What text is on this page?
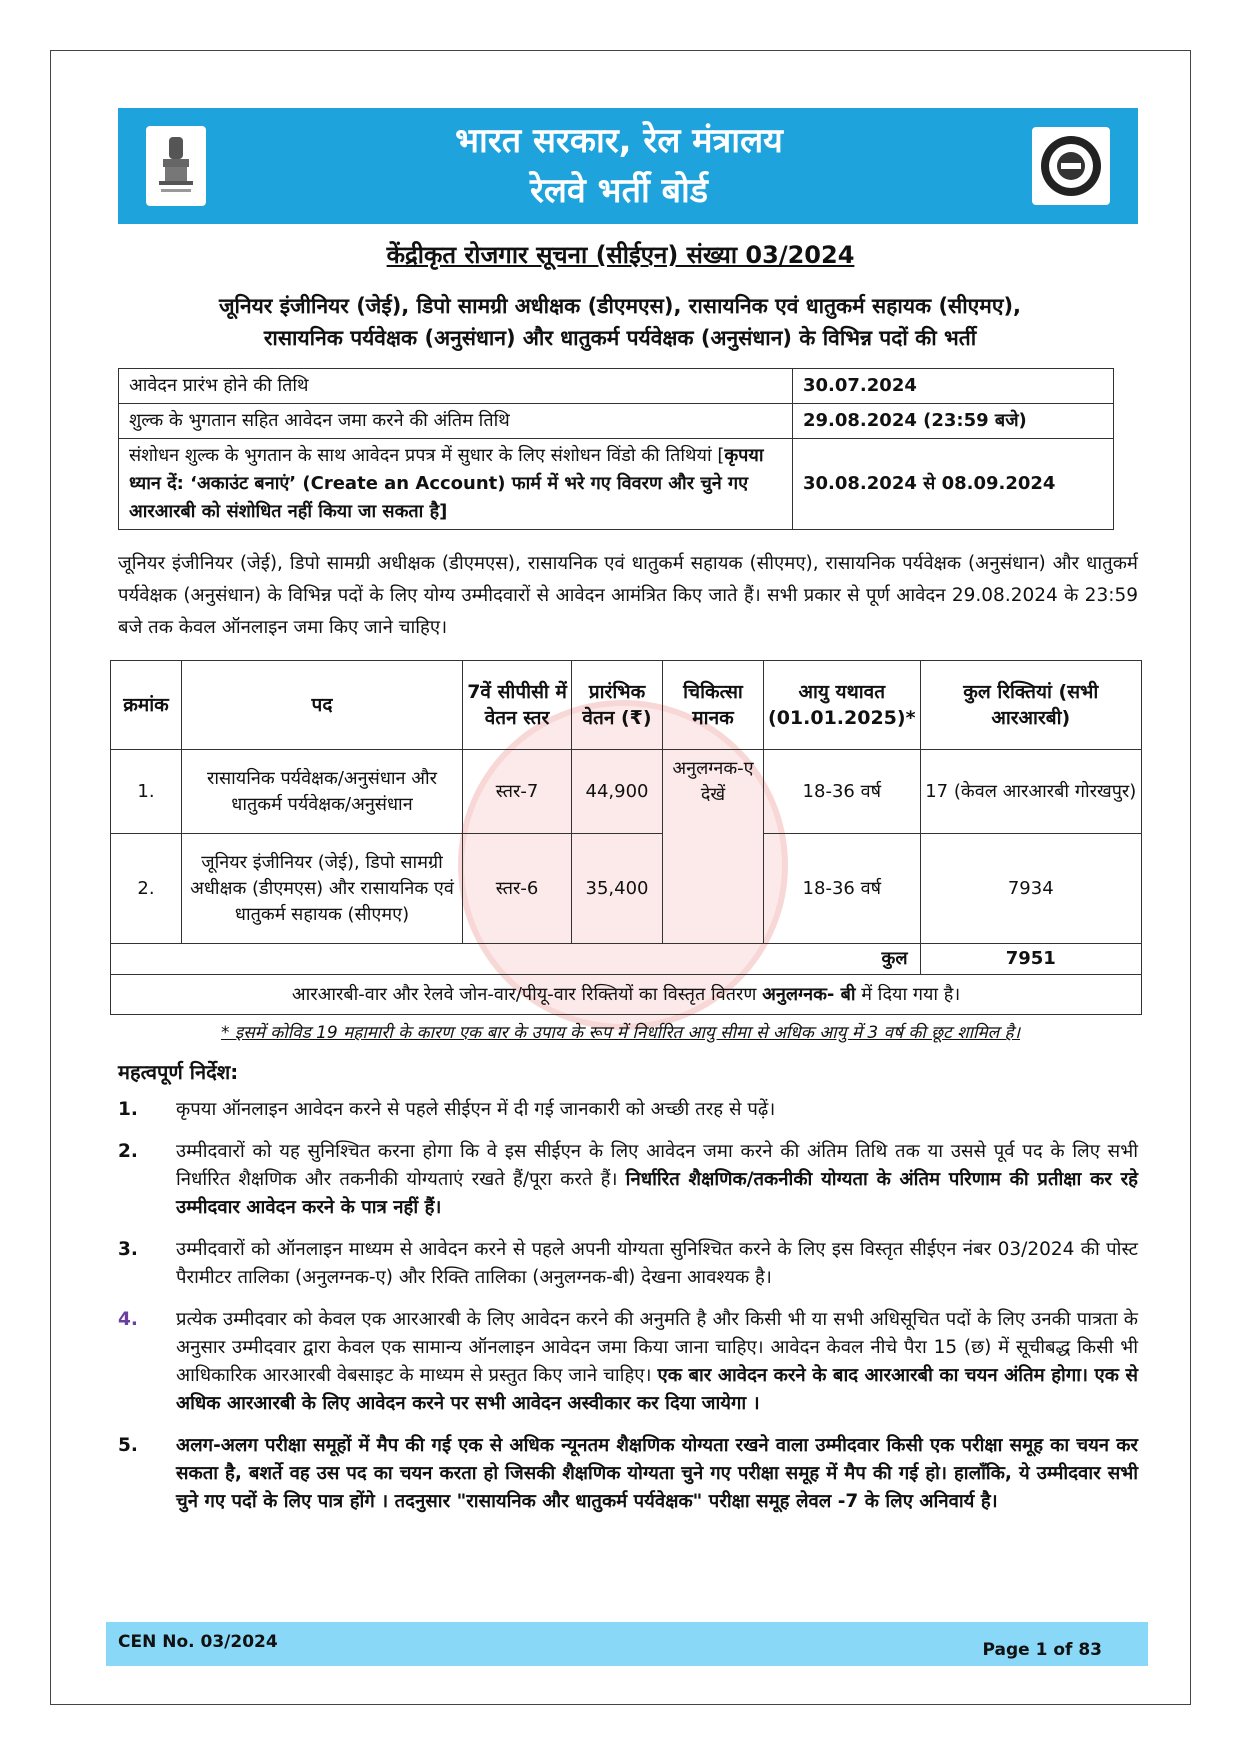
भारत सरकार, रेल मंत्रालय
रेलवे भर्ती बोर्ड
केंद्रीकृत रोजगार सूचना (सीईएन) संख्या 03/2024
जूनियर इंजीनियर (जेई), डिपो सामग्री अधीक्षक (डीएमएस), रासायनिक एवं धातुकर्म सहायक (सीएमए),
रासायनिक पर्यवेक्षक (अनुसंधान) और धातुकर्म पर्यवेक्षक (अनुसंधान) के विभिन्न पदों की भर्ती
आवेदन प्रारंभ होने की तिथि	30.07.2024
शुल्क के भुगतान सहित आवेदन जमा करने की अंतिम तिथि	29.08.2024 (23:59 बजे)
संशोधन शुल्क के भुगतान के साथ आवेदन प्रपत्र में सुधार के लिए संशोधन विंडो की तिथियां [कृपया ध्यान दें: ‘अकाउंट बनाएं’ (Create an Account) फार्म में भरे गए विवरण और चुने गए आरआरबी को संशोधित नहीं किया जा सकता है]	30.08.2024 से 08.09.2024
जूनियर इंजीनियर (जेई), डिपो सामग्री अधीक्षक (डीएमएस), रासायनिक एवं धातुकर्म सहायक (सीएमए), रासायनिक पर्यवेक्षक (अनुसंधान) और धातुकर्म पर्यवेक्षक (अनुसंधान) के विभिन्न पदों के लिए योग्य उम्मीदवारों से आवेदन आमंत्रित किए जाते हैं। सभी प्रकार से पूर्ण आवेदन 29.08.2024 के 23:59 बजे तक केवल ऑनलाइन जमा किए जाने चाहिए।
क्रमांक	पद	7वें सीपीसी में वेतन स्तर	प्रारंभिक वेतन (₹)	चिकित्सा मानक	आयु यथावत (01.01.2025)*	कुल रिक्तियां (सभी आरआरबी)
1.	रासायनिक पर्यवेक्षक/अनुसंधान और धातुकर्म पर्यवेक्षक/अनुसंधान	स्तर-7	44,900	अनुलग्नक-ए देखें	18-36 वर्ष	17 (केवल आरआरबी गोरखपुर)
2.	जूनियर इंजीनियर (जेई), डिपो सामग्री अधीक्षक (डीएमएस) और रासायनिक एवं धातुकर्म सहायक (सीएमए)	स्तर-6	35,400		18-36 वर्ष	7934
कुल						7951
आरआरबी-वार और रेलवे जोन-वार/पीयू-वार रिक्तियों का विस्तृत वितरण अनुलग्नक- बी में दिया गया है।						
* इसमें कोविड 19 महामारी के कारण एक बार के उपाय के रूप में निर्धारित आयु सीमा से अधिक आयु में 3 वर्ष की छूट शामिल है।
महत्वपूर्ण निर्देश:
1.	कृपया ऑनलाइन आवेदन करने से पहले सीईएन में दी गई जानकारी को अच्छी तरह से पढ़ें।
2.	उम्मीदवारों को यह सुनिश्चित करना होगा कि वे इस सीईएन के लिए आवेदन जमा करने की अंतिम तिथि तक या उससे पूर्व पद के लिए सभी निर्धारित शैक्षणिक और तकनीकी योग्यताएं रखते हैं/पूरा करते हैं। निर्धारित शैक्षणिक/तकनीकी योग्यता के अंतिम परिणाम की प्रतीक्षा कर रहे उम्मीदवार आवेदन करने के पात्र नहीं हैं।
3.	उम्मीदवारों को ऑनलाइन माध्यम से आवेदन करने से पहले अपनी योग्यता सुनिश्चित करने के लिए इस विस्तृत सीईएन नंबर 03/2024 की पोस्ट पैरामीटर तालिका (अनुलग्नक-ए) और रिक्ति तालिका (अनुलग्नक-बी) देखना आवश्यक है।
4.	प्रत्येक उम्मीदवार को केवल एक आरआरबी के लिए आवेदन करने की अनुमति है और किसी भी या सभी अधिसूचित पदों के लिए उनकी पात्रता के अनुसार उम्मीदवार द्वारा केवल एक सामान्य ऑनलाइन आवेदन जमा किया जाना चाहिए। आवेदन केवल नीचे पैरा 15 (छ) में सूचीबद्ध किसी भी आधिकारिक आरआरबी वेबसाइट के माध्यम से प्रस्तुत किए जाने चाहिए। एक बार आवेदन करने के बाद आरआरबी का चयन अंतिम होगा। एक से अधिक आरआरबी के लिए आवेदन करने पर सभी आवेदन अस्वीकार कर दिया जायेगा ।
5.	अलग-अलग परीक्षा समूहों में मैप की गई एक से अधिक न्यूनतम शैक्षणिक योग्यता रखने वाला उम्मीदवार किसी एक परीक्षा समूह का चयन कर सकता है, बशर्ते वह उस पद का चयन करता हो जिसकी शैक्षणिक योग्यता चुने गए परीक्षा समूह में मैप की गई हो। हालाँकि, ये उम्मीदवार सभी चुने गए पदों के लिए पात्र होंगे । तदनुसार "रासायनिक और धातुकर्म पर्यवेक्षक" परीक्षा समूह लेवल -7 के लिए अनिवार्य है।
CEN No. 03/2024	Page 1 of 83
